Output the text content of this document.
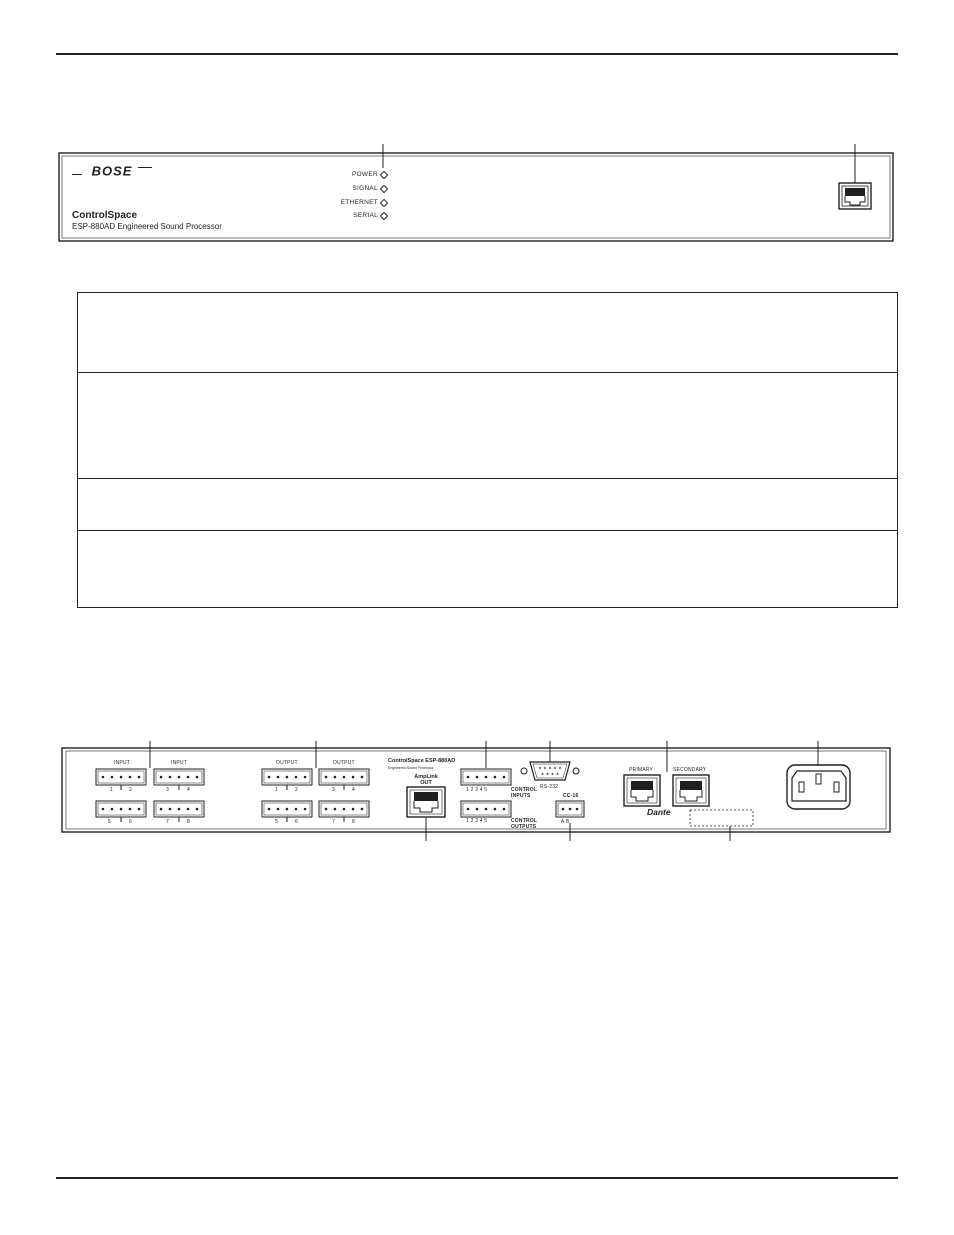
BOSE
ControlSpace
ESP-880AD Engineered Sound Processor
POWER
SIGNAL
ETHERNET
SERIAL
INPUT	INPUT
1	2	3	4
5	6	7	8
OUTPUT	OUTPUT
1	2	3	4
5	6	7	8
ControlSpace ESP-880AD
Engineered Sound Processor
AmpLink
OUT
1 2 3 4 5	CONTROL
INPUTS
1 2 3 4 5	CONTROL
OUTPUTS
RS-232
CC-16
A B
PRIMARY	SECONDARY
Dante
